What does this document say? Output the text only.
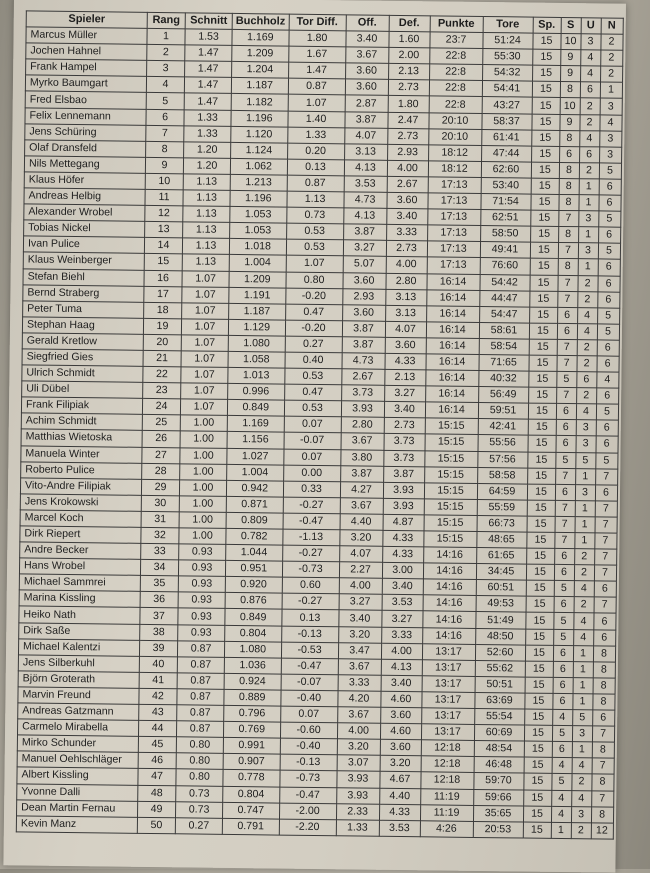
Spieler	Rang	Schnitt	Buchholz	Tor Diff.	Off.	Def.	Punkte	Tore	Sp.	S	U	N
Marcus Müller	1	1.53	1.169	1.80	3.40	1.60	23:7	51:24	15	10	3	2
Jochen Hahnel	2	1.47	1.209	1.67	3.67	2.00	22:8	55:30	15	9	4	2
Frank Hampel	3	1.47	1.204	1.47	3.60	2.13	22:8	54:32	15	9	4	2
Myrko Baumgart	4	1.47	1.187	0.87	3.60	2.73	22:8	54:41	15	8	6	1
Fred Elsbao	5	1.47	1.182	1.07	2.87	1.80	22:8	43:27	15	10	2	3
Felix Lennemann	6	1.33	1.196	1.40	3.87	2.47	20:10	58:37	15	9	2	4
Jens Schüring	7	1.33	1.120	1.33	4.07	2.73	20:10	61:41	15	8	4	3
Olaf Dransfeld	8	1.20	1.124	0.20	3.13	2.93	18:12	47:44	15	6	6	3
Nils Mettegang	9	1.20	1.062	0.13	4.13	4.00	18:12	62:60	15	8	2	5
Klaus Höfer	10	1.13	1.213	0.87	3.53	2.67	17:13	53:40	15	8	1	6
Andreas Helbig	11	1.13	1.196	1.13	4.73	3.60	17:13	71:54	15	8	1	6
Alexander Wrobel	12	1.13	1.053	0.73	4.13	3.40	17:13	62:51	15	7	3	5
Tobias Nickel	13	1.13	1.053	0.53	3.87	3.33	17:13	58:50	15	8	1	6
Ivan Pulice	14	1.13	1.018	0.53	3.27	2.73	17:13	49:41	15	7	3	5
Klaus Weinberger	15	1.13	1.004	1.07	5.07	4.00	17:13	76:60	15	8	1	6
Stefan Biehl	16	1.07	1.209	0.80	3.60	2.80	16:14	54:42	15	7	2	6
Bernd Straberg	17	1.07	1.191	-0.20	2.93	3.13	16:14	44:47	15	7	2	6
Peter Tuma	18	1.07	1.187	0.47	3.60	3.13	16:14	54:47	15	6	4	5
Stephan Haag	19	1.07	1.129	-0.20	3.87	4.07	16:14	58:61	15	6	4	5
Gerald Kretlow	20	1.07	1.080	0.27	3.87	3.60	16:14	58:54	15	7	2	6
Siegfried Gies	21	1.07	1.058	0.40	4.73	4.33	16:14	71:65	15	7	2	6
Ulrich Schmidt	22	1.07	1.013	0.53	2.67	2.13	16:14	40:32	15	5	6	4
Uli Dübel	23	1.07	0.996	0.47	3.73	3.27	16:14	56:49	15	7	2	6
Frank Filipiak	24	1.07	0.849	0.53	3.93	3.40	16:14	59:51	15	6	4	5
Achim Schmidt	25	1.00	1.169	0.07	2.80	2.73	15:15	42:41	15	6	3	6
Matthias Wietoska	26	1.00	1.156	-0.07	3.67	3.73	15:15	55:56	15	6	3	6
Manuela Winter	27	1.00	1.027	0.07	3.80	3.73	15:15	57:56	15	5	5	5
Roberto Pulice	28	1.00	1.004	0.00	3.87	3.87	15:15	58:58	15	7	1	7
Vito-Andre Filipiak	29	1.00	0.942	0.33	4.27	3.93	15:15	64:59	15	6	3	6
Jens Krokowski	30	1.00	0.871	-0.27	3.67	3.93	15:15	55:59	15	7	1	7
Marcel Koch	31	1.00	0.809	-0.47	4.40	4.87	15:15	66:73	15	7	1	7
Dirk Riepert	32	1.00	0.782	-1.13	3.20	4.33	15:15	48:65	15	7	1	7
Andre Becker	33	0.93	1.044	-0.27	4.07	4.33	14:16	61:65	15	6	2	7
Hans Wrobel	34	0.93	0.951	-0.73	2.27	3.00	14:16	34:45	15	6	2	7
Michael Sammrei	35	0.93	0.920	0.60	4.00	3.40	14:16	60:51	15	5	4	6
Marina Kissling	36	0.93	0.876	-0.27	3.27	3.53	14:16	49:53	15	6	2	7
Heiko Nath	37	0.93	0.849	0.13	3.40	3.27	14:16	51:49	15	5	4	6
Dirk Saße	38	0.93	0.804	-0.13	3.20	3.33	14:16	48:50	15	5	4	6
Michael Kalentzi	39	0.87	1.080	-0.53	3.47	4.00	13:17	52:60	15	6	1	8
Jens Silberkuhl	40	0.87	1.036	-0.47	3.67	4.13	13:17	55:62	15	6	1	8
Björn Groterath	41	0.87	0.924	-0.07	3.33	3.40	13:17	50:51	15	6	1	8
Marvin Freund	42	0.87	0.889	-0.40	4.20	4.60	13:17	63:69	15	6	1	8
Andreas Gatzmann	43	0.87	0.796	0.07	3.67	3.60	13:17	55:54	15	4	5	6
Carmelo Mirabella	44	0.87	0.769	-0.60	4.00	4.60	13:17	60:69	15	5	3	7
Mirko Schunder	45	0.80	0.991	-0.40	3.20	3.60	12:18	48:54	15	6	1	8
Manuel Oehlschläger	46	0.80	0.907	-0.13	3.07	3.20	12:18	46:48	15	4	4	7
Albert Kissling	47	0.80	0.778	-0.73	3.93	4.67	12:18	59:70	15	5	2	8
Yvonne Dalli	48	0.73	0.804	-0.47	3.93	4.40	11:19	59:66	15	4	4	7
Dean Martin Fernau	49	0.73	0.747	-2.00	2.33	4.33	11:19	35:65	15	4	3	8
Kevin Manz	50	0.27	0.791	-2.20	1.33	3.53	4:26	20:53	15	1	2	12
